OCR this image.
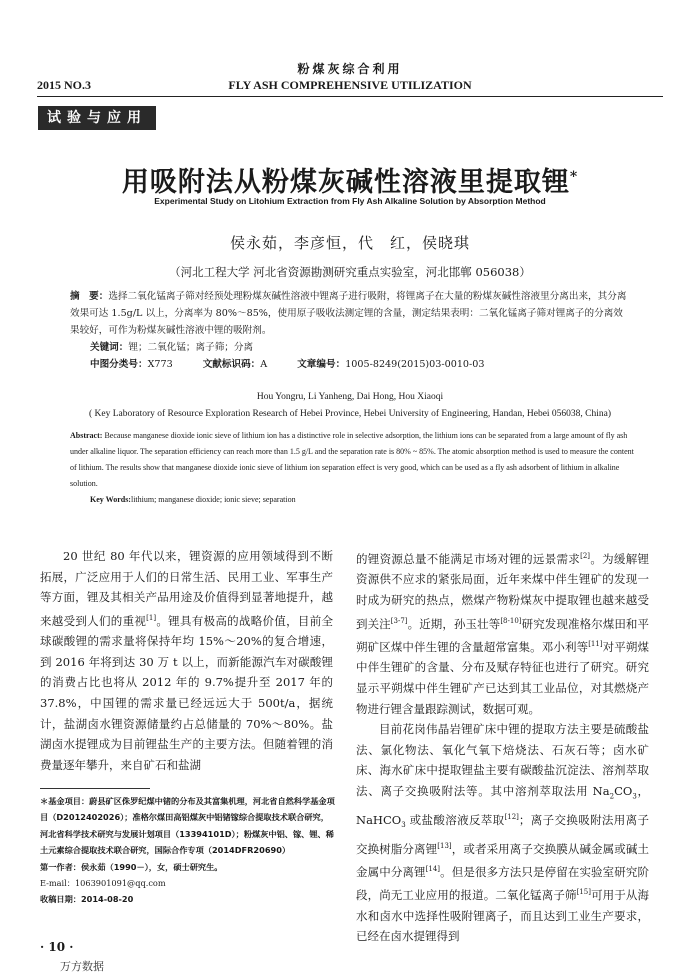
粉煤灰综合利用
2015 NO.3	FLY ASH COMPREHENSIVE UTILIZATION
试验与应用
用吸附法从粉煤灰碱性溶液里提取锂*
Experimental Study on Litohium Extraction from Fly Ash Alkaline Solution by Absorption Method
侯永茹，李彦恒，代　红，侯晓琪
（河北工程大学 河北省资源勘测研究重点实验室，河北邯郸 056038）
摘　要：选择二氧化锰离子筛对经预处理粉煤灰碱性溶液中锂离子进行吸附，将锂离子在大量的粉煤灰碱性溶液里分离出来，其分离效果可达 1.5g/L 以上，分离率为 80%～85%，使用原子吸收法测定锂的含量，测定结果表明：二氧化锰离子筛对锂离子的分离效果较好，可作为粉煤灰碱性溶液中锂的吸附剂。
关键词：锂；二氧化锰；离子筛；分离
中图分类号：X773	文献标识码：A	文章编号：1005-8249(2015)03-0010-03
Hou Yongru, Li Yanheng, Dai Hong, Hou Xiaoqi
( Key Laboratory of Resource Exploration Research of Hebei Province, Hebei University of Engineering, Handan, Hebei 056038, China)
Abstract: Because manganese dioxide ionic sieve of lithium ion has a distinctive role in selective adsorption, the lithium ions can be separated from a large amount of fly ash under alkaline liquor. The separation efficiency can reach more than 1.5 g/L and the separation rate is 80% ~ 85%. The atomic absorption method is used to measure the content of lithium. The results show that manganese dioxide ionic sieve of lithium ion separation effect is very good, which can be used as a fly ash adsorbent of lithium in alkaline solution.
Key Words:lithium; manganese dioxide; ionic sieve; separation

20 世纪 80 年代以来，锂资源的应用领域得到不断拓展，广泛应用于人们的日常生活、民用工业、军事生产等方面，锂及其相关产品用途及价值得到显著地提升，越来越受到人们的重视[1]。锂具有极高的战略价值，目前全球碳酸锂的需求量将保持年均 15%～20%的复合增速，到 2016 年将到达 30 万 t 以上，而新能源汽车对碳酸锂的消费占比也将从 2012 年的 9.7%提升至 2017 年的 37.8%，中国锂的需求量已经远远大于 500t/a，据统计，盐湖卤水锂资源储量约占总储量的 70%～80%。盐湖卤水提锂成为目前锂盐生产的主要方法。但随着锂的消费量逐年攀升，来自矿石和盐湖

＊基金项目：蔚县矿区侏罗纪煤中锗的分布及其富集机理，河北省自然科学基金项目（D2012402026）；准格尔煤田高铝煤灰中铝锗镓综合提取技术联合研究，河北省科学技术研究与发展计划项目（13394101D）；粉煤灰中铝、镓、锂、稀土元素综合提取技术联合研究，国际合作专项（2014DFR20690）
第一作者：侯永茹（1990－），女，硕士研究生。
E-mail：1063901091@qq.com
收稿日期：2014-08-20

的锂资源总量不能满足市场对锂的远景需求[2]。为缓解锂资源供不应求的紧张局面，近年来煤中伴生锂矿的发现一时成为研究的热点，燃煤产物粉煤灰中提取锂也越来越受到关注[3-7]。近期，孙玉壮等[8-10]研究发现准格尔煤田和平朔矿区煤中伴生锂的含量超常富集。邓小利等[11]对平朔煤中伴生锂矿的含量、分布及赋存特征也进行了研究。研究显示平朔煤中伴生锂矿产已达到其工业品位，对其燃烧产物进行锂含量跟踪测试，数据可观。

目前花岗伟晶岩锂矿床中锂的提取方法主要是硫酸盐法、氯化物法、氧化气氧下焙烧法、石灰石等；卤水矿床、海水矿床中提取锂盐主要有碳酸盐沉淀法、溶剂萃取法、离子交换吸附法等。其中溶剂萃取法用 $Na_2CO_3$，NaHCO$_3$ 或盐酸溶液反萃取[12]；离子交换吸附法用离子交换树脂分离锂[13]，或者采用离子交换膜从碱金属或碱土金属中分离锂[14]。但是很多方法只是停留在实验室研究阶段，尚无工业应用的报道。二氧化锰离子筛[15]可用于从海水和卤水中选择性吸附锂离子，而且达到工业生产要求，已经在卤水提锂得到

· 10 ·
万方数据
